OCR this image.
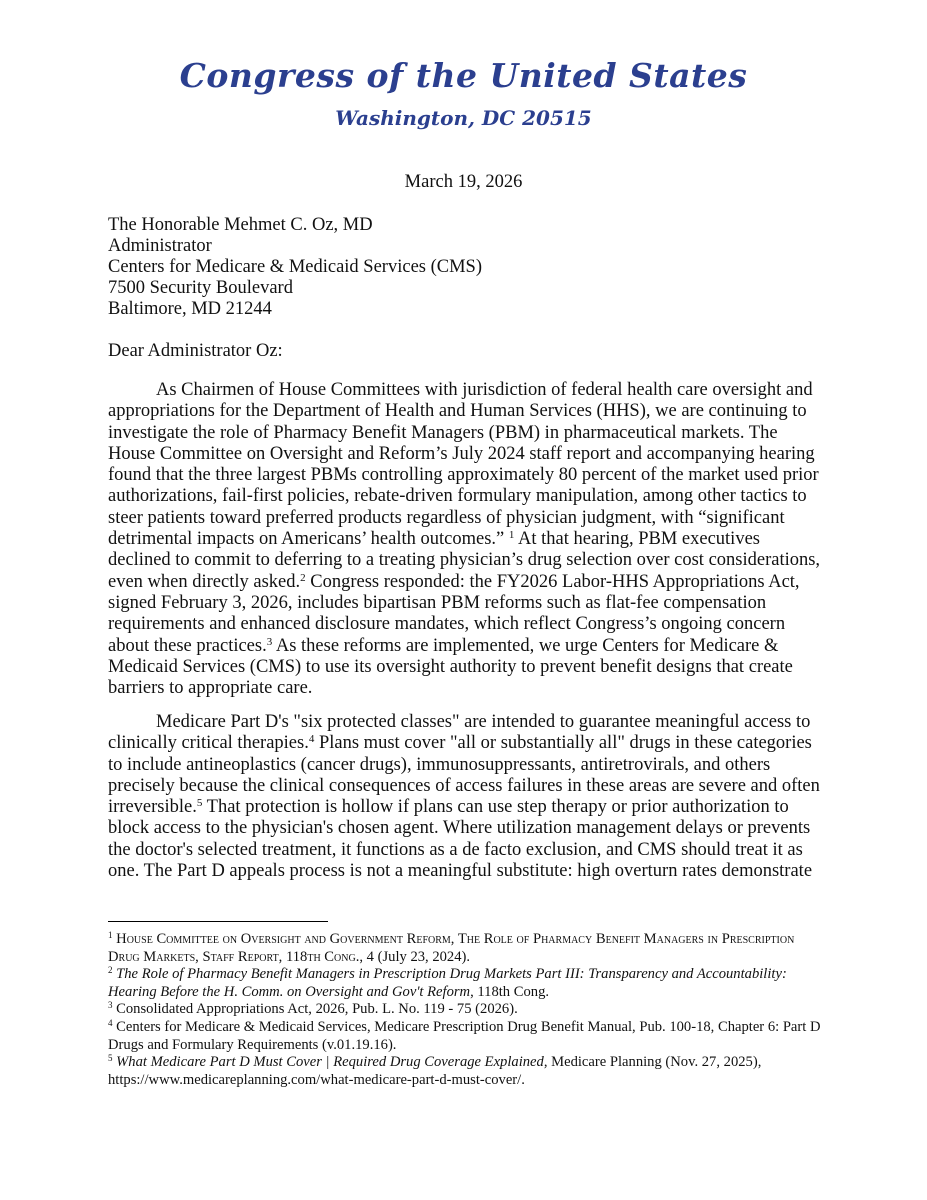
Congress of the United States
Washington, DC 20515
March 19, 2026
The Honorable Mehmet C. Oz, MD
Administrator
Centers for Medicare & Medicaid Services (CMS)
7500 Security Boulevard
Baltimore, MD 21244
Dear Administrator Oz:
As Chairmen of House Committees with jurisdiction of federal health care oversight and appropriations for the Department of Health and Human Services (HHS), we are continuing to investigate the role of Pharmacy Benefit Managers (PBM) in pharmaceutical markets. The House Committee on Oversight and Reform’s July 2024 staff report and accompanying hearing found that the three largest PBMs controlling approximately 80 percent of the market used prior authorizations, fail-first policies, rebate-driven formulary manipulation, among other tactics to steer patients toward preferred products regardless of physician judgment, with “significant detrimental impacts on Americans’ health outcomes.” $^1$ At that hearing, PBM executives declined to commit to deferring to a treating physician’s drug selection over cost considerations, even when directly asked.$^2$ Congress responded: the FY2026 Labor-HHS Appropriations Act, signed February 3, 2026, includes bipartisan PBM reforms such as flat-fee compensation requirements and enhanced disclosure mandates, which reflect Congress’s ongoing concern about these practices.$^3$ As these reforms are implemented, we urge Centers for Medicare & Medicaid Services (CMS) to use its oversight authority to prevent benefit designs that create barriers to appropriate care.
Medicare Part D's "six protected classes" are intended to guarantee meaningful access to clinically critical therapies.$^4$ Plans must cover "all or substantially all" drugs in these categories to include antineoplastics (cancer drugs), immunosuppressants, antiretrovirals, and others precisely because the clinical consequences of access failures in these areas are severe and often irreversible.$^5$ That protection is hollow if plans can use step therapy or prior authorization to block access to the physician's chosen agent. Where utilization management delays or prevents the doctor's selected treatment, it functions as a de facto exclusion, and CMS should treat it as one. The Part D appeals process is not a meaningful substitute: high overturn rates demonstrate
$^1$ House Committee on Oversight and Government Reform, The Role of Pharmacy Benefit Managers in Prescription Drug Markets, Staff Report, 118th Cong., 4 (July 23, 2024).
$^2$ The Role of Pharmacy Benefit Managers in Prescription Drug Markets Part III: Transparency and Accountability: Hearing Before the H. Comm. on Oversight and Gov't Reform, 118th Cong.
$^3$ Consolidated Appropriations Act, 2026, Pub. L. No. 119 - 75 (2026).
$^4$ Centers for Medicare & Medicaid Services, Medicare Prescription Drug Benefit Manual, Pub. 100-18, Chapter 6: Part D Drugs and Formulary Requirements (v.01.19.16).
$^5$ What Medicare Part D Must Cover | Required Drug Coverage Explained, Medicare Planning (Nov. 27, 2025), https://www.medicareplanning.com/what-medicare-part-d-must-cover/.
